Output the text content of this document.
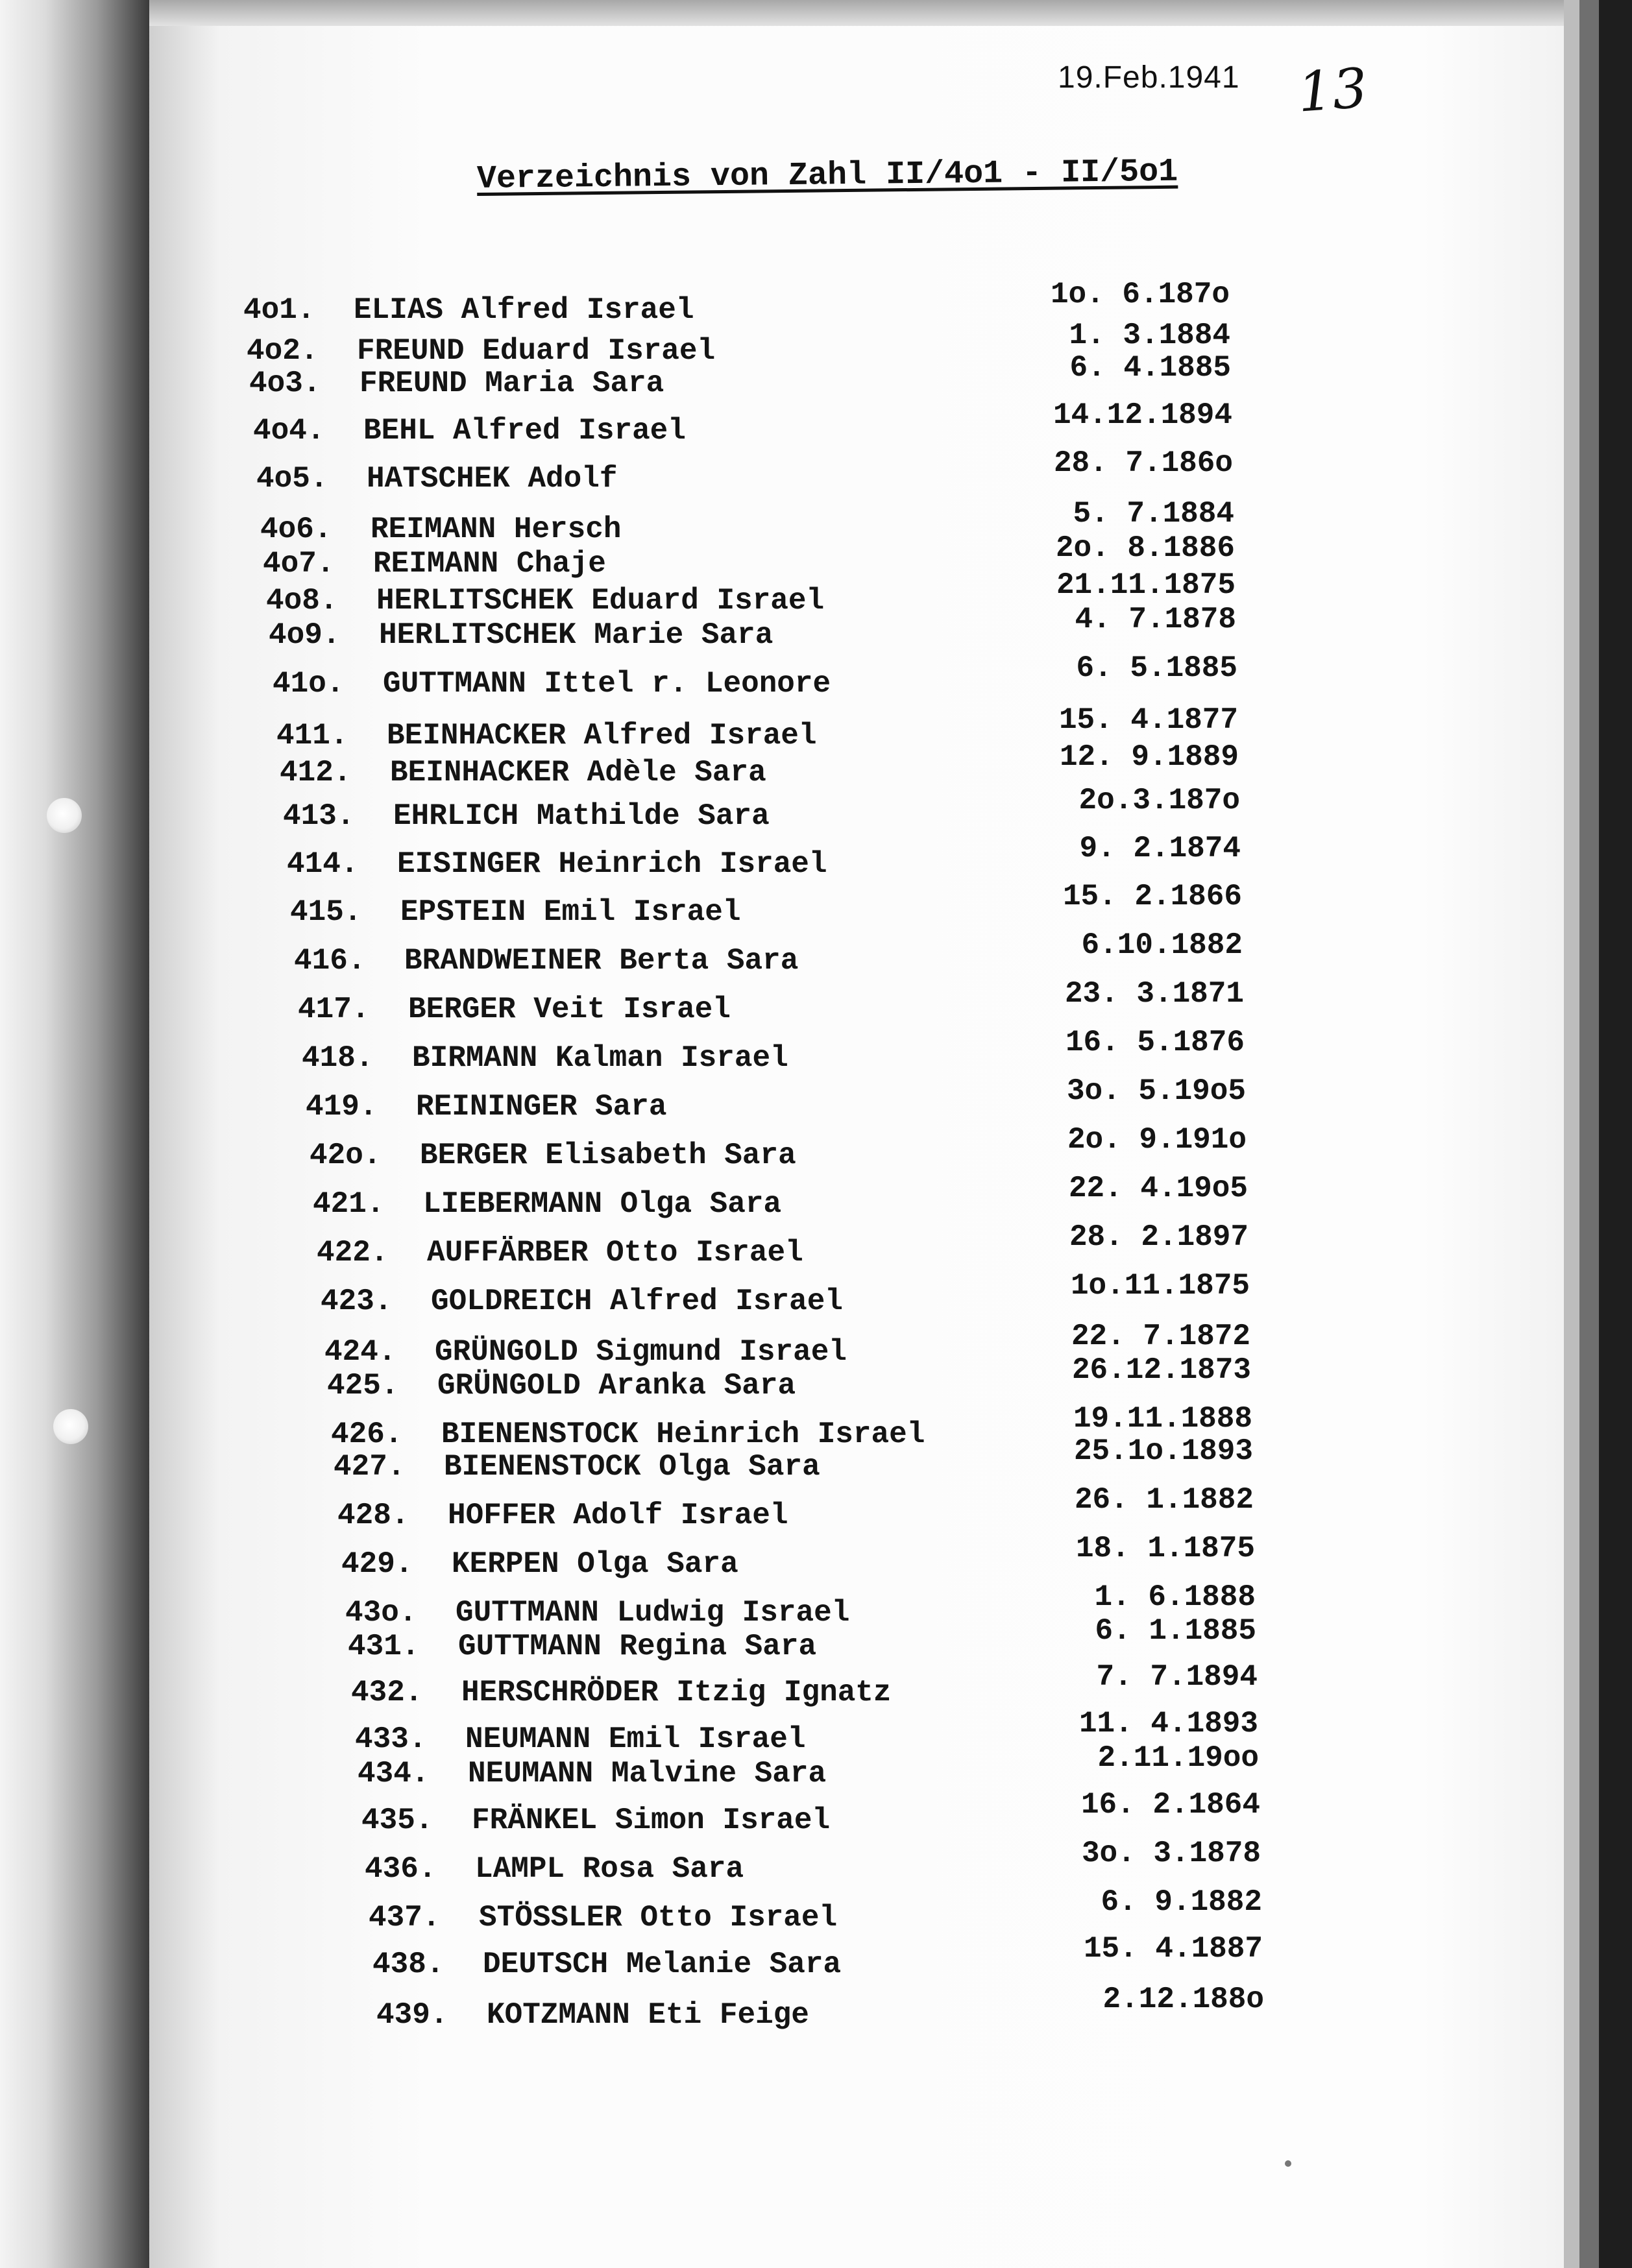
19.Feb.1941 13
Verzeichnis von Zahl II/4o1 - II/5o1
4o1. ELIAS Alfred Israel	1o. 6.187o
4o2. FREUND Eduard Israel	1. 3.1884
4o3. FREUND Maria Sara	6. 4.1885
4o4. BEHL Alfred Israel	14.12.1894
4o5. HATSCHEK Adolf	28. 7.186o
4o6. REIMANN Hersch	5. 7.1884
4o7. REIMANN Chaje	2o. 8.1886
4o8. HERLITSCHEK Eduard Israel	21.11.1875
4o9. HERLITSCHEK Marie Sara	4. 7.1878
41o. GUTTMANN Ittel r. Leonore	6. 5.1885
411. BEINHACKER Alfred Israel	15. 4.1877
412. BEINHACKER Adèle Sara	12. 9.1889
413. EHRLICH Mathilde Sara	2o.3.187o
414. EISINGER Heinrich Israel	9. 2.1874
415. EPSTEIN Emil Israel	15. 2.1866
416. BRANDWEINER Berta Sara	6.10.1882
417. BERGER Veit Israel	23. 3.1871
418. BIRMANN Kalman Israel	16. 5.1876
419. REININGER Sara	3o. 5.19o5
42o. BERGER Elisabeth Sara	2o. 9.191o
421. LIEBERMANN Olga Sara	22. 4.19o5
422. AUFFÄRBER Otto Israel	28. 2.1897
423. GOLDREICH Alfred Israel	1o.11.1875
424. GRÜNGOLD Sigmund Israel	22. 7.1872
425. GRÜNGOLD Aranka Sara	26.12.1873
426. BIENENSTOCK Heinrich Israel	19.11.1888
427. BIENENSTOCK Olga Sara	25.1o.1893
428. HOFFER Adolf Israel	26. 1.1882
429. KERPEN Olga Sara	18. 1.1875
43o. GUTTMANN Ludwig Israel	1. 6.1888
431. GUTTMANN Regina Sara	6. 1.1885
432. HERSCHRÖDER Itzig Ignatz	7. 7.1894
433. NEUMANN Emil Israel	11. 4.1893
434. NEUMANN Malvine Sara	2.11.19oo
435. FRÄNKEL Simon Israel	16. 2.1864
436. LAMPL Rosa Sara	3o. 3.1878
437. STÖSSLER Otto Israel	6. 9.1882
438. DEUTSCH Melanie Sara	15. 4.1887
439. KOTZMANN Eti Feige	2.12.188o
